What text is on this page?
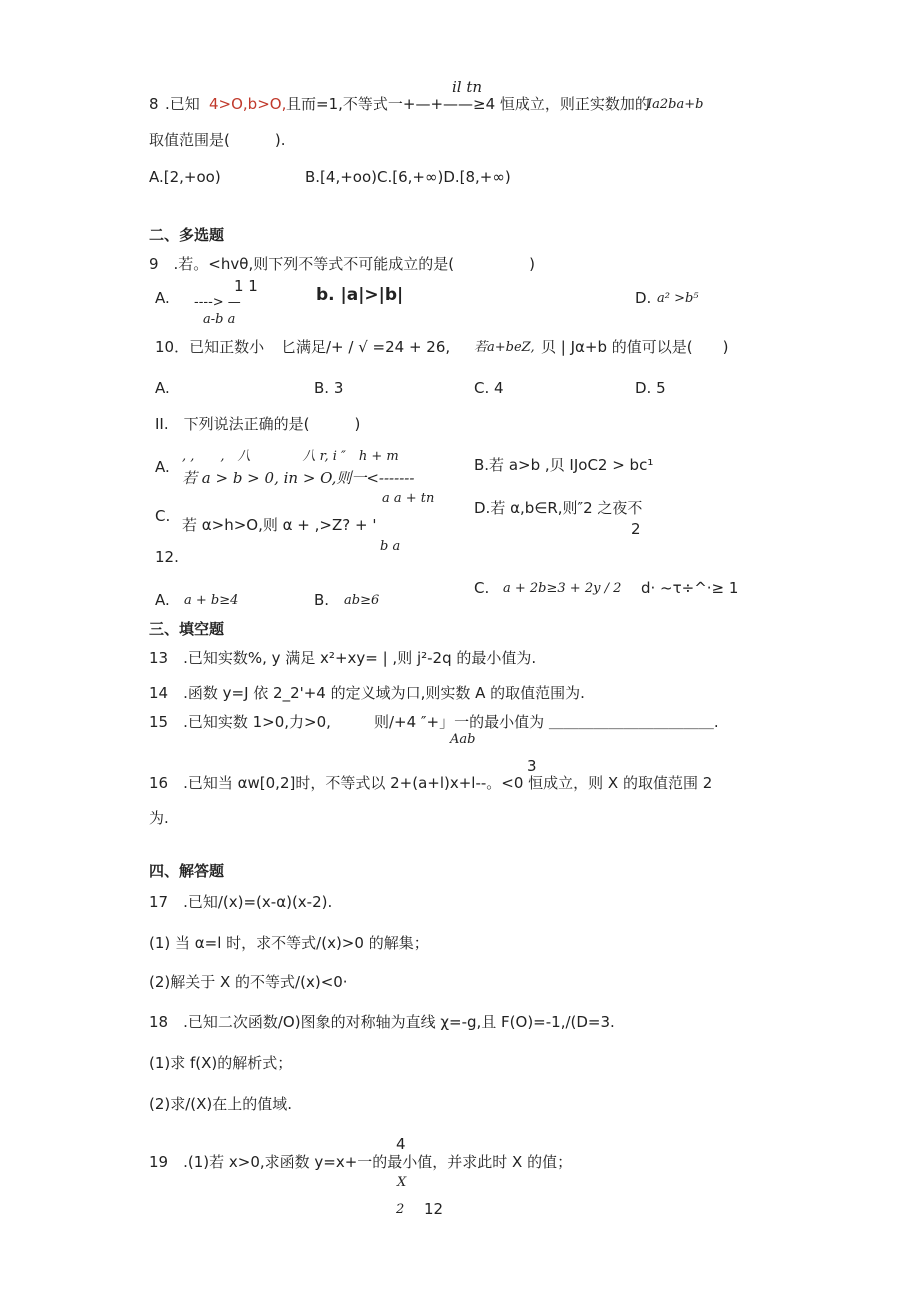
il tn
8 .已知 4>O,b>O, 且而=1,不等式一+—+——≥4 恒成立，则正实数加的
Ia2ba+b
取值范围是(　　　).
A.[2,+oo)	B.[4,+oo)C.[6,+∞)D.[8,+∞)
二、多选题
9　.若。<hvθ,则下列不等式不可能成立的是(　　　　　)
A.
1 1
----> —
a-b a
b. |a|>|b|	D. a² >b⁵
10．已知正数小 匕满足/+ / √ =24 + 26, 若a+beZ, 贝 | Jα+b 的值可以是(　　)
A.	B. 3	C. 4	D. 5
II.　下列说法正确的是(　　　)
A.
, ,　　,　八　　　　八 r, i ″　h + m
若 a > b > 0, in > O,则一<-------
a a + tn
B.若 a>b ,贝 IJoC2 > bc¹
C. 若 α>h>O,则 α + ,>Z? + '
b a
D.若 α,b∈R,则″2 之夜不
2
12.
A. a + b≥4	B. ab≥6
C. a + 2b≥3 + 2y / 2 d· ~τ÷^·≥ 1
三、填空题
13　.已知实数%, y 满足 x²+xy= | ,则 j²-2q 的最小值为.
14　.函数 y=J 依 2_2'+4 的定义域为口,则实数 A 的取值范围为.
15　.已知实数 1>0,力>0,	则/+4 ″+」一的最小值为 ＿＿＿＿＿＿＿＿＿＿＿.
Aab
3
16　.已知当 αw[0,2]时，不等式以 2+(a+l)x+l--。<0 恒成立，则 X 的取值范围 2
为.
四、解答题
17　.已知/(x)=(x-α)(x-2).
(1) 当 α=l 时，求不等式/(x)>0 的解集；
(2)解关于 X 的不等式/(x)<0·
18　.已知二次函数/O)图象的对称轴为直线 χ=-g,且 F(O)=-1,/(D=3.
(1)求 f(X)的解析式；
(2)求/(X)在上的值域.
4
19　.(1)若 x>0,求函数 y=x+一的最小值，并求此时 X 的值；
X
2 12
